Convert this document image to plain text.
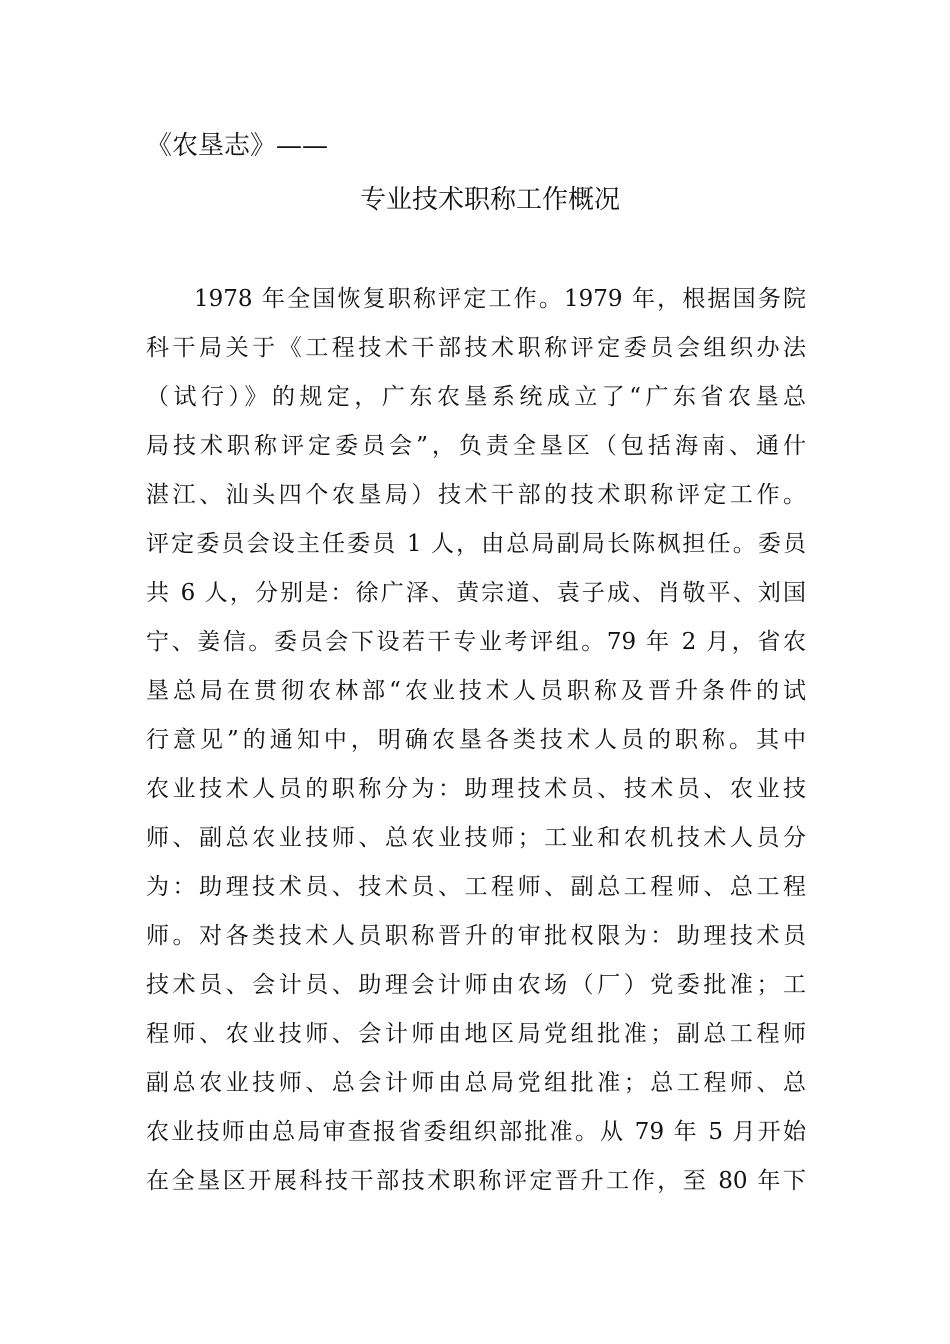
《农垦志》——
专业技术职称工作概况
1978 年全国恢复职称评定工作。1979 年，根据国务院
科干局关于《工程技术干部技术职称评定委员会组织办法
（试行）》的规定，广东农垦系统成立了“广东省农垦总
局技术职称评定委员会”，负责全垦区（包括海南、通什
湛江、汕头四个农垦局）技术干部的技术职称评定工作。
评定委员会设主任委员 1 人，由总局副局长陈枫担任。委员
共 6 人，分别是：徐广泽、黄宗道、袁子成、肖敬平、刘国
宁、姜信。委员会下设若干专业考评组。79 年 2 月，省农
垦总局在贯彻农林部“农业技术人员职称及晋升条件的试
行意见”的通知中，明确农垦各类技术人员的职称。其中
农业技术人员的职称分为：助理技术员、技术员、农业技
师、副总农业技师、总农业技师；工业和农机技术人员分
为：助理技术员、技术员、工程师、副总工程师、总工程
师。对各类技术人员职称晋升的审批权限为：助理技术员
技术员、会计员、助理会计师由农场（厂）党委批准；工
程师、农业技师、会计师由地区局党组批准；副总工程师
副总农业技师、总会计师由总局党组批准；总工程师、总
农业技师由总局审查报省委组织部批准。从 79 年 5 月开始
在全垦区开展科技干部技术职称评定晋升工作，至 80 年下
